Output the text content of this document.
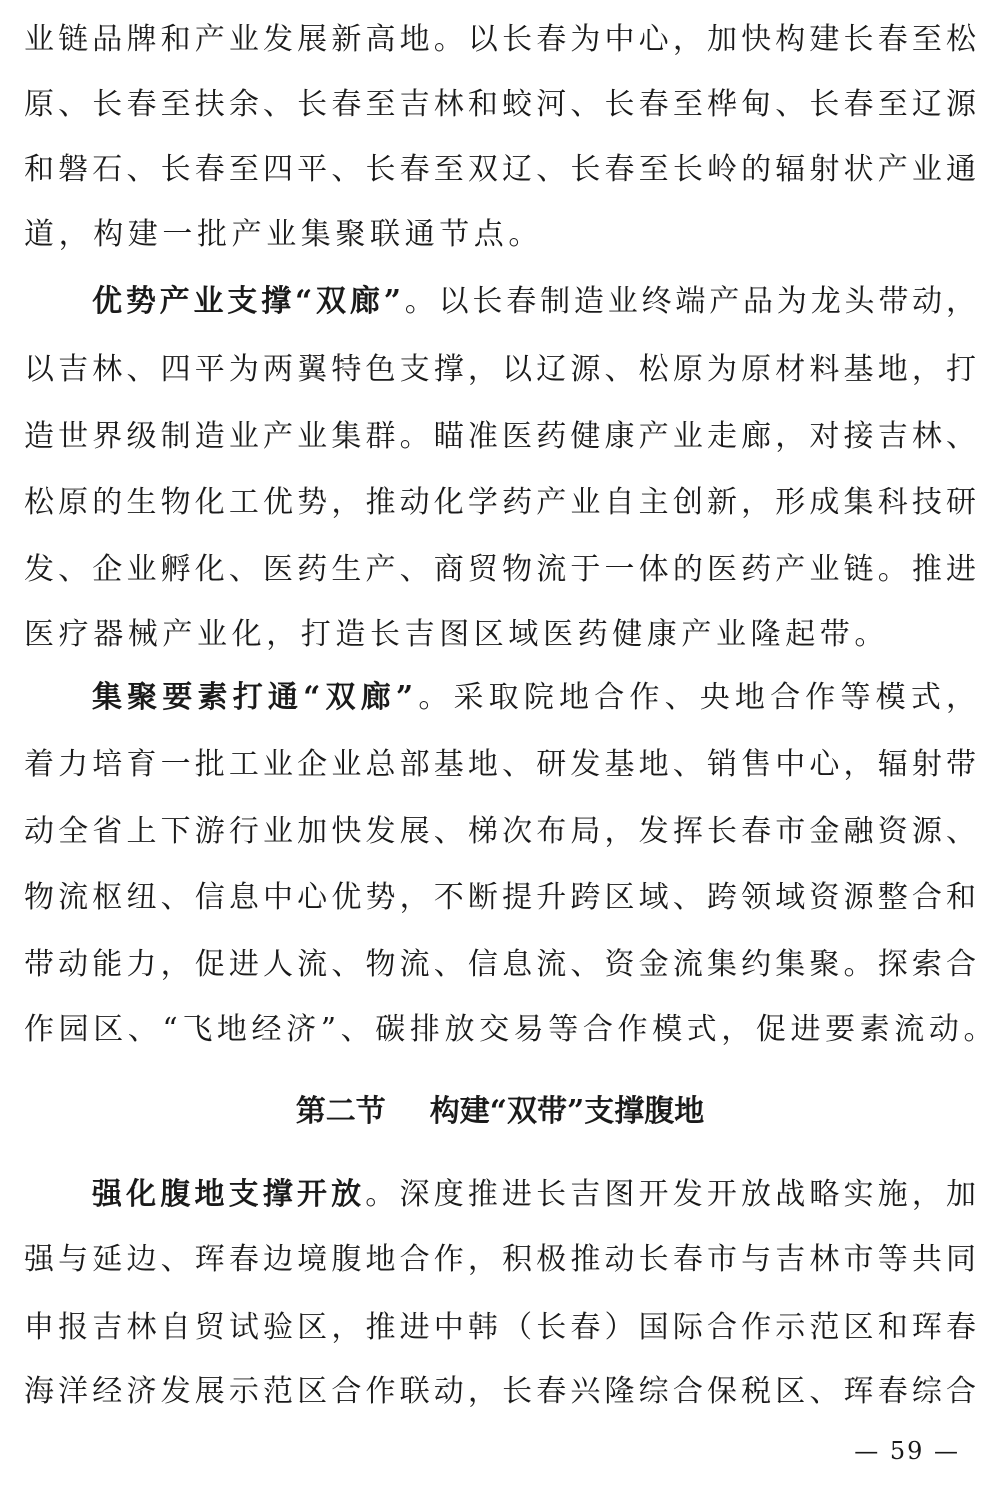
业链品牌和产业发展新高地。以长春为中心，加快构建长春至松
原、长春至扶余、长春至吉林和蛟河、长春至桦甸、长春至辽源
和磐石、长春至四平、长春至双辽、长春至长岭的辐射状产业通
道，构建一批产业集聚联通节点。
优势产业支撑“双廊”。以长春制造业终端产品为龙头带动，
以吉林、四平为两翼特色支撑，以辽源、松原为原材料基地，打
造世界级制造业产业集群。瞄准医药健康产业走廊，对接吉林、
松原的生物化工优势，推动化学药产业自主创新，形成集科技研
发、企业孵化、医药生产、商贸物流于一体的医药产业链。推进
医疗器械产业化，打造长吉图区域医药健康产业隆起带。
集聚要素打通“双廊”。采取院地合作、央地合作等模式，
着力培育一批工业企业总部基地、研发基地、销售中心，辐射带
动全省上下游行业加快发展、梯次布局，发挥长春市金融资源、
物流枢纽、信息中心优势，不断提升跨区域、跨领域资源整合和
带动能力，促进人流、物流、信息流、资金流集约集聚。探索合
作园区、“飞地经济”、碳排放交易等合作模式，促进要素流动。
第二节 构建“双带”支撑腹地
强化腹地支撑开放。深度推进长吉图开发开放战略实施，加
强与延边、珲春边境腹地合作，积极推动长春市与吉林市等共同
申报吉林自贸试验区，推进中韩（长春）国际合作示范区和珲春
海洋经济发展示范区合作联动，长春兴隆综合保税区、珲春综合
— 59 —
